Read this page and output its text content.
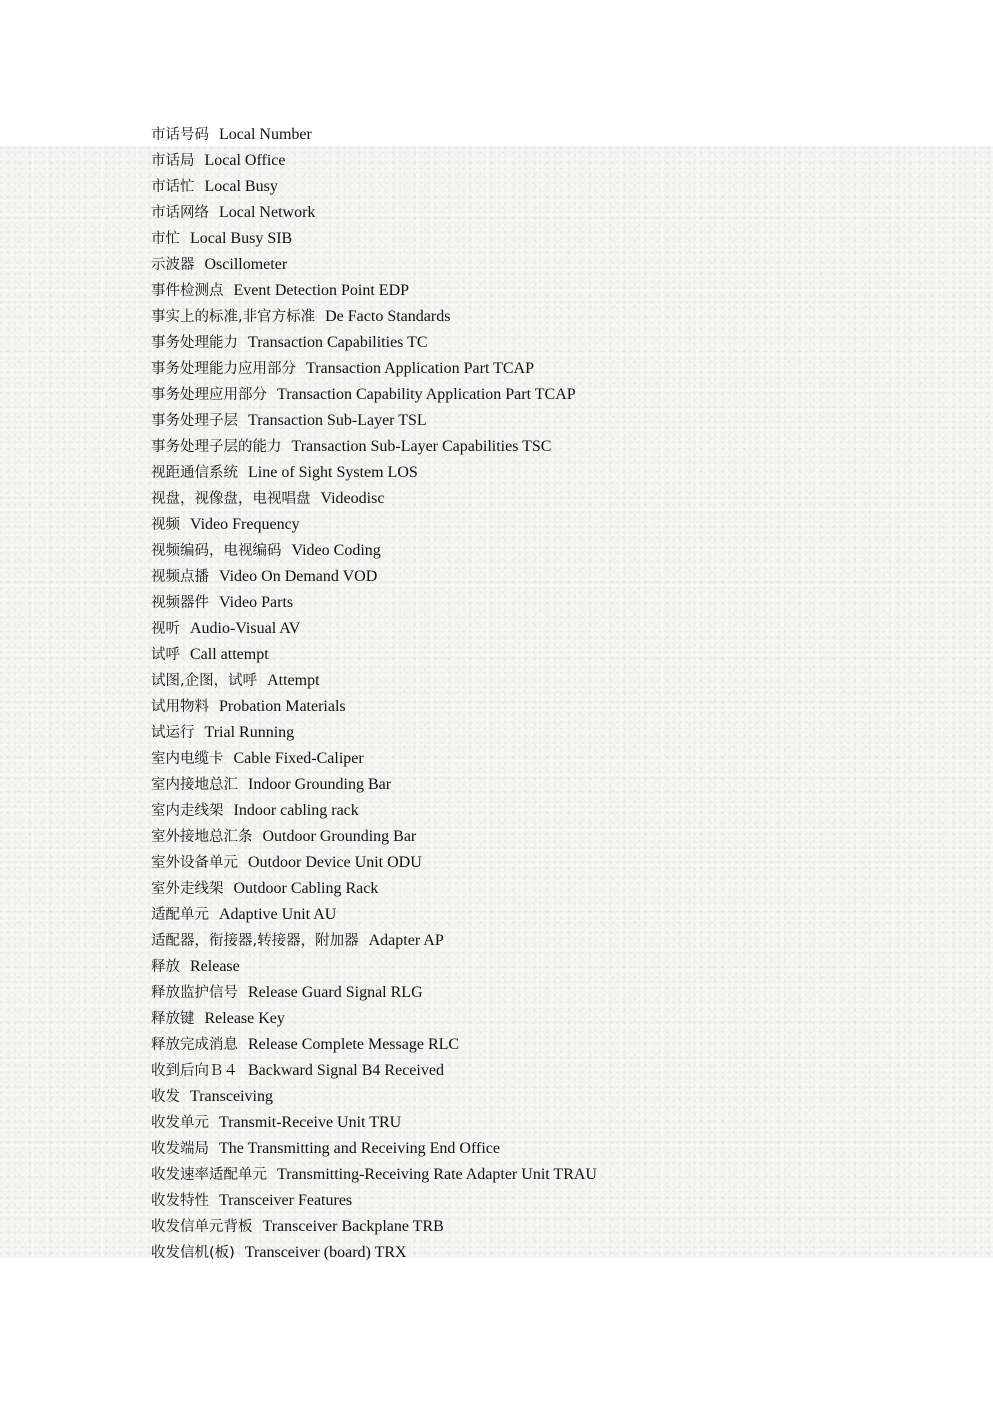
市话号码 Local Number
市话局 Local Office
市话忙 Local Busy
市话网络 Local Network
市忙 Local Busy SIB
示波器 Oscillometer
事件检测点 Event Detection Point EDP
事实上的标准,非官方标准 De Facto Standards
事务处理能力 Transaction Capabilities TC
事务处理能力应用部分 Transaction Application Part TCAP
事务处理应用部分 Transaction Capability Application Part TCAP
事务处理子层 Transaction Sub-Layer TSL
事务处理子层的能力 Transaction Sub-Layer Capabilities TSC
视距通信系统 Line of Sight System LOS
视盘，视像盘，电视唱盘 Videodisc
视频 Video Frequency
视频编码，电视编码 Video Coding
视频点播 Video On Demand VOD
视频器件 Video Parts
视听 Audio-Visual AV
试呼 Call attempt
试图,企图，试呼 Attempt
试用物料 Probation Materials
试运行 Trial Running
室内电缆卡 Cable Fixed-Caliper
室内接地总汇 Indoor Grounding Bar
室内走线架 Indoor cabling rack
室外接地总汇条 Outdoor Grounding Bar
室外设备单元 Outdoor Device Unit ODU
室外走线架 Outdoor Cabling Rack
适配单元 Adaptive Unit AU
适配器，衔接器,转接器，附加器 Adapter AP
释放 Release
释放监护信号 Release Guard Signal RLG
释放键 Release Key
释放完成消息 Release Complete Message RLC
收到后向Ｂ４ Backward Signal B4 Received
收发 Transceiving
收发单元 Transmit-Receive Unit TRU
收发端局 The Transmitting and Receiving End Office
收发速率适配单元 Transmitting-Receiving Rate Adapter Unit TRAU
收发特性 Transceiver Features
收发信单元背板 Transceiver Backplane TRB
收发信机(板) Transceiver (board) TRX
